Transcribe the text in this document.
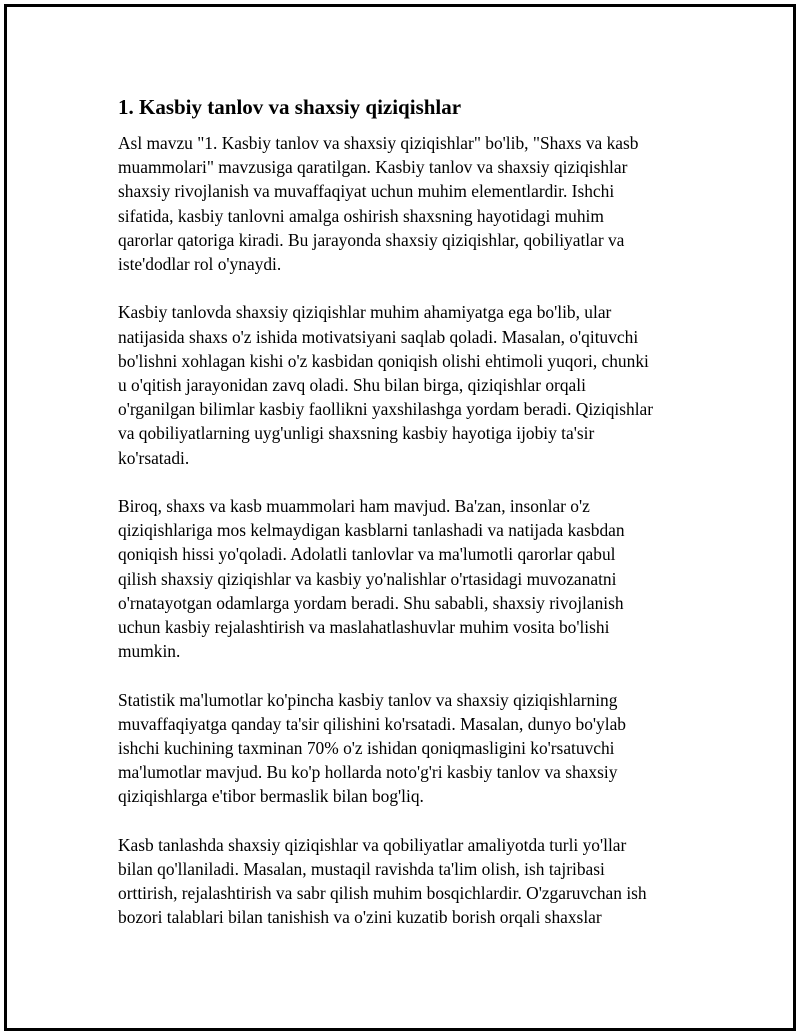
1. Kasbiy tanlov va shaxsiy qiziqishlar
Asl mavzu "1. Kasbiy tanlov va shaxsiy qiziqishlar" bo'lib, "Shaxs va kasb
muammolari" mavzusiga qaratilgan. Kasbiy tanlov va shaxsiy qiziqishlar
shaxsiy rivojlanish va muvaffaqiyat uchun muhim elementlardir. Ishchi
sifatida, kasbiy tanlovni amalga oshirish shaxsning hayotidagi muhim
qarorlar qatoriga kiradi. Bu jarayonda shaxsiy qiziqishlar, qobiliyatlar va
iste'dodlar rol o'ynaydi.
Kasbiy tanlovda shaxsiy qiziqishlar muhim ahamiyatga ega bo'lib, ular
natijasida shaxs o'z ishida motivatsiyani saqlab qoladi. Masalan, o'qituvchi
bo'lishni xohlagan kishi o'z kasbidan qoniqish olishi ehtimoli yuqori, chunki
u o'qitish jarayonidan zavq oladi. Shu bilan birga, qiziqishlar orqali
o'rganilgan bilimlar kasbiy faollikni yaxshilashga yordam beradi. Qiziqishlar
va qobiliyatlarning uyg'unligi shaxsning kasbiy hayotiga ijobiy ta'sir
ko'rsatadi.
Biroq, shaxs va kasb muammolari ham mavjud. Ba'zan, insonlar o'z
qiziqishlariga mos kelmaydigan kasblarni tanlashadi va natijada kasbdan
qoniqish hissi yo'qoladi. Adolatli tanlovlar va ma'lumotli qarorlar qabul
qilish shaxsiy qiziqishlar va kasbiy yo'nalishlar o'rtasidagi muvozanatni
o'rnatayotgan odamlarga yordam beradi. Shu sababli, shaxsiy rivojlanish
uchun kasbiy rejalashtirish va maslahatlashuvlar muhim vosita bo'lishi
mumkin.
Statistik ma'lumotlar ko'pincha kasbiy tanlov va shaxsiy qiziqishlarning
muvaffaqiyatga qanday ta'sir qilishini ko'rsatadi. Masalan, dunyo bo'ylab
ishchi kuchining taxminan 70% o'z ishidan qoniqmasligini ko'rsatuvchi
ma'lumotlar mavjud. Bu ko'p hollarda noto'g'ri kasbiy tanlov va shaxsiy
qiziqishlarga e'tibor bermaslik bilan bog'liq.
Kasb tanlashda shaxsiy qiziqishlar va qobiliyatlar amaliyotda turli yo'llar
bilan qo'llaniladi. Masalan, mustaqil ravishda ta'lim olish, ish tajribasi
orttirish, rejalashtirish va sabr qilish muhim bosqichlardir. O'zgaruvchan ish
bozori talablari bilan tanishish va o'zini kuzatib borish orqali shaxslar
